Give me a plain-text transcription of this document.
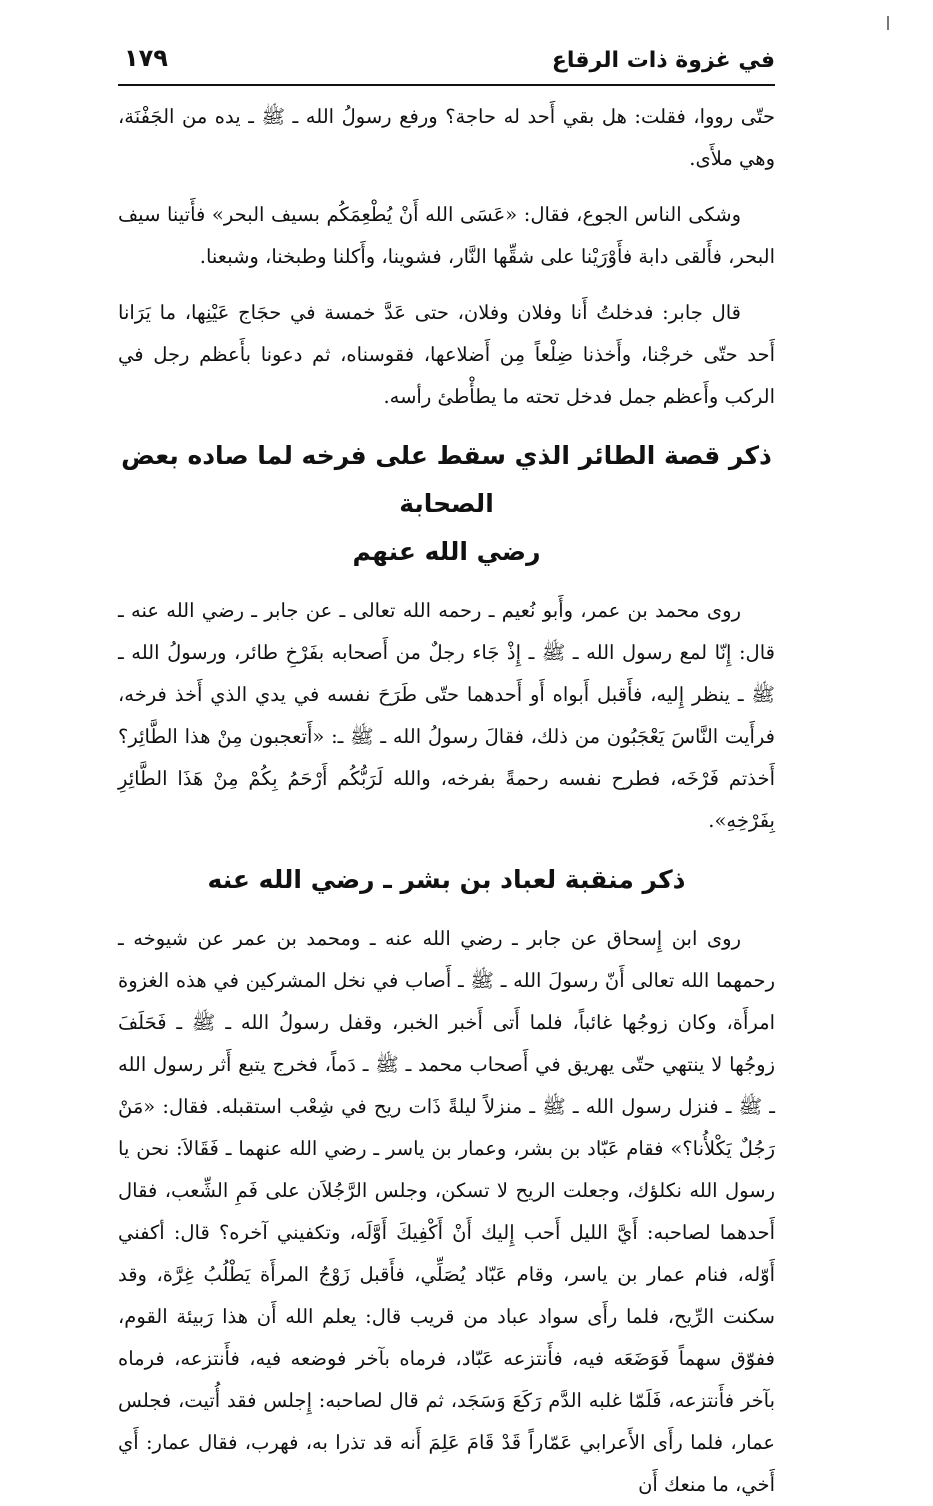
في غزوة ذات الرقاع
١٧٩

حتّى رووا، فقلت: هل بقي أَحد له حاجة؟ ورفع رسولُ الله ـ ﷺ ـ يده من الجَفْنَة، وهي ملأَى.

وشكى الناس الجوع، فقال: «عَسَى الله أَنْ يُطْعِمَكُم بسيف البحر» فأَتينا سيف البحر، فأَلقى دابة فأَوْرَيْنا على شقِّها النَّار، فشوينا، وأَكلنا وطبخنا، وشبعنا.

قال جابر: فدخلتُ أَنا وفلان وفلان، حتى عَدَّ خمسة في حجَاج عَيْنِها، ما يَرَانا أَحد حتّى خرجْنا، وأَخذنا ضِلْعاً مِن أَضلاعها، فقوسناه، ثم دعونا بأَعظم رجل في الركب وأَعظم جمل فدخل تحته ما يطأْطئ رأسه.

ذكر قصة الطائر الذي سقط على فرخه لما صاده بعض الصحابة
رضي الله عنهم

روى محمد بن عمر، وأَبو نُعيم ـ رحمه الله تعالى ـ عن جابر ـ رضي الله عنه ـ قال: إِنّا لمع رسول الله ـ ﷺ ـ إِذْ جَاء رجلٌ من أَصحابه بفَرْخِ طائر، ورسولُ الله ـ ﷺ ـ ينظر إِليه، فأَقبل أَبواه أَو أَحدهما حتّى طَرَحَ نفسه في يدي الذي أَخذ فرخه، فرأَيت النَّاسَ يَعْجَبُون من ذلك، فقالَ رسولُ الله ـ ﷺ ـ: «أَتعجبون مِنْ هذا الطَّائِر؟ أَخذتم فَرْخَه، فطرح نفسه رحمةً بفرخه، والله لَرَبُّكُم أَرْحَمُ بِكُمْ مِنْ هَذَا الطَّائِرِ بِفَرْخِهِ».

ذكر منقبة لعباد بن بشر ـ رضي الله عنه

روى ابن إِسحاق عن جابر ـ رضي الله عنه ـ ومحمد بن عمر عن شيوخه ـ رحمهما الله تعالى أَنّ رسولَ الله ـ ﷺ ـ أَصاب في نخل المشركين في هذه الغزوة امرأَة، وكان زوجُها غائباً، فلما أَتى أَخبر الخبر، وقفل رسولُ الله ـ ﷺ ـ فَحَلَفَ زوجُها لا ينتهي حتّى يهريق في أَصحاب محمد ـ ﷺ ـ دَماً، فخرج يتبع أَثر رسول الله ـ ﷺ ـ فنزل رسول الله ـ ﷺ ـ منزلاً ليلةً ذَات ريح في شِعْب استقبله. فقال: «مَنْ رَجُلٌ يَكْلأُنا؟» فقام عَبّاد بن بشر، وعمار بن ياسر ـ رضي الله عنهما ـ فَقَالاَ: نحن يا رسول الله نكلؤك، وجعلت الريح لا تسكن، وجلس الرَّجُلاَن على فَمِ الشِّعب، فقال أَحدهما لصاحبه: أَيَّ الليل أَحب إِليك أَنْ أَكْفِيكَ أَوَّلَه، وتكفيني آخره؟ قال: أكفني أَوّله، فنام عمار بن ياسر، وقام عَبّاد يُصَلِّي، فأَقبل زَوْجُ المرأَة يَطْلُبُ غِرَّة، وقد سكنت الرِّيح، فلما رأَى سواد عباد من قريب قال: يعلم الله أَن هذا رَبيئة القوم، ففوّق سهماً فَوَضَعَه فيه، فأَنتزعه عَبّاد، فرماه بآخر فوضعه فيه، فأَنتزعه، فرماه بآخر فأَنتزعه، فَلَمّا غلبه الدَّم رَكَعَ وَسَجَد، ثم قال لصاحبه: إِجلس فقد أُتيت، فجلس عمار، فلما رأَى الأَعرابي عَمّاراً قَدْ قَامَ عَلِمَ أَنه قد تذرا به، فهرب، فقال عمار: أَي أَخي، ما منعك أَن
